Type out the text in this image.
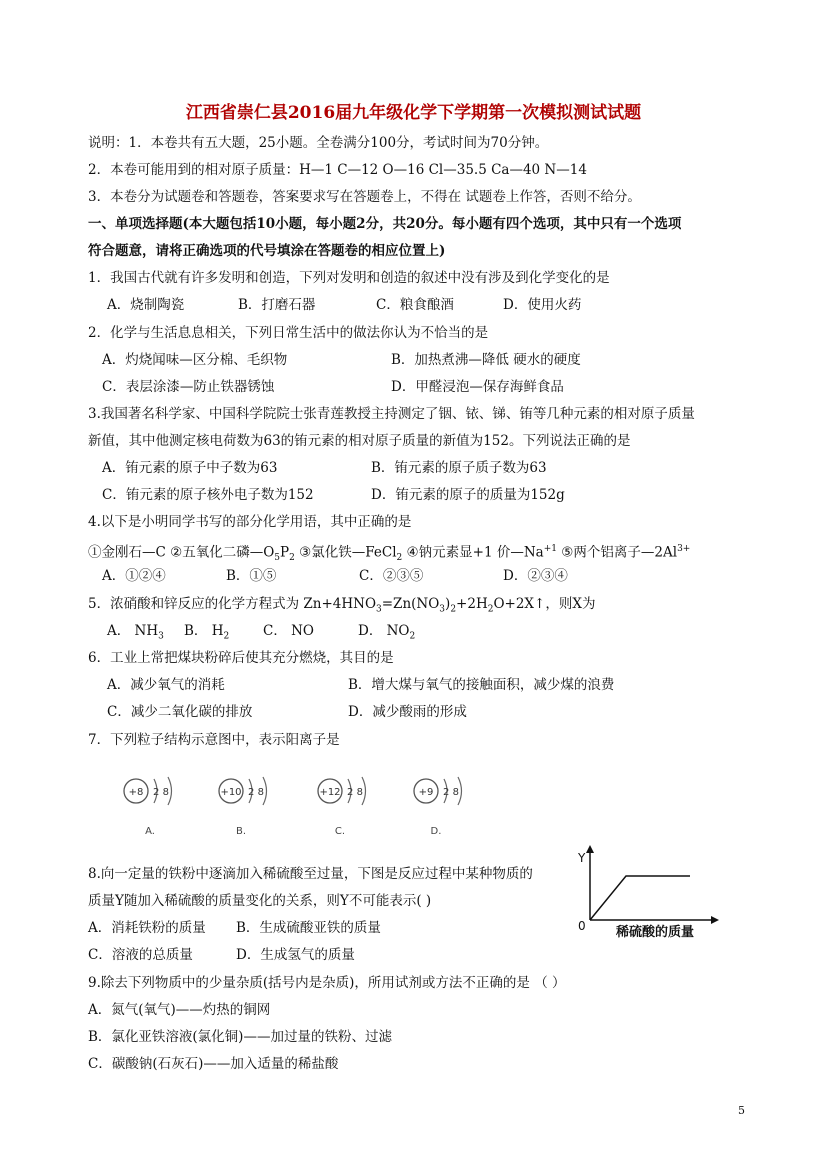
江西省崇仁县2016届九年级化学下学期第一次模拟测试试题
说明：1．本卷共有五大题，25小题。全卷满分100分，考试时间为70分钟。
2．本卷可能用到的相对原子质量：H—1 C—12 O—16 Cl—35.5 Ca—40 N—14
3．本卷分为试题卷和答题卷，答案要求写在答题卷上，不得在 试题卷上作答，否则不给分。
一、单项选择题(本大题包括10小题，每小题2分，共20分。每小题有四个选项，其中只有一个选项
符合题意，请将正确选项的代号填涂在答题卷的相应位置上)
1．我国古代就有许多发明和创造，下列对发明和创造的叙述中没有涉及到化学变化的是
A．烧制陶瓷	B．打磨石器	C．粮食酿酒	D．使用火药
2．化学与生活息息相关，下列日常生活中的做法你认为不恰当的是
A．灼烧闻味—区分棉、毛织物	B．加热煮沸—降低 硬水的硬度
C．表层涂漆—防止铁器锈蚀	D．甲醛浸泡—保存海鲜食品
3.我国著名科学家、中国科学院院士张青莲教授主持测定了铟、铱、锑、铕等几种元素的相对原子质量
新值，其中他测定核电荷数为63的铕元素的相对原子质量的新值为152。下列说法正确的是
A．铕元素的原子中子数为63	B．铕元素的原子质子数为63
C．铕元素的原子核外电子数为152	D．铕元素的原子的质量为152g
4.以下是小明同学书写的部分化学用语，其中正确的是
①金刚石—C ②五氧化二磷$—O_5P_2$ ③氯化铁—FeCl$_2$ ④钠元素显+1 价$—Na^{+1}$ ⑤两个铝离子$—2Al^{3+}$
A．①②④	B．①⑤	C．②③⑤	D．②③④
5．浓硝酸和锌反应的化学方程式为 $Zn+4HNO_3=Zn(NO_3)_2+2H_2O+2X↑$，则X为
A． $NH_3$ B． $H_2$	C． NO	D． $NO_2$
6．工业上常把煤块粉碎后使其充分燃烧，其目的是
A．减少氧气的消耗	B．增大煤与氧气的接触面积，减少煤的浪费
C．减少二氧化碳的排放	D．减少酸雨的形成
7．下列粒子结构示意图中，表示阳离子是
+8 2 8
A.
+10 2 8
B.
+12 2 8
C.
+9 2 8
D.
8.向一定量的铁粉中逐滴加入稀硫酸至过量，下图是反应过程中某种物质的
质量Y随加入稀硫酸的质量变化的关系，则Y不可能表示( )
A．消耗铁粉的质量 B．生成硫酸亚铁的质量
C．溶液的总质量	D．生成氢气的质量
Y
0 稀硫酸的质量
9.除去下列物质中的少量杂质(括号内是杂质)，所用试剂或方法不正确的是 （ ）
A．氮气(氧气)——灼热的铜网
B．氯化亚铁溶液(氯化铜)——加过量的铁粉、过滤
C．碳酸钠(石灰石)——加入适量的稀盐酸
5
